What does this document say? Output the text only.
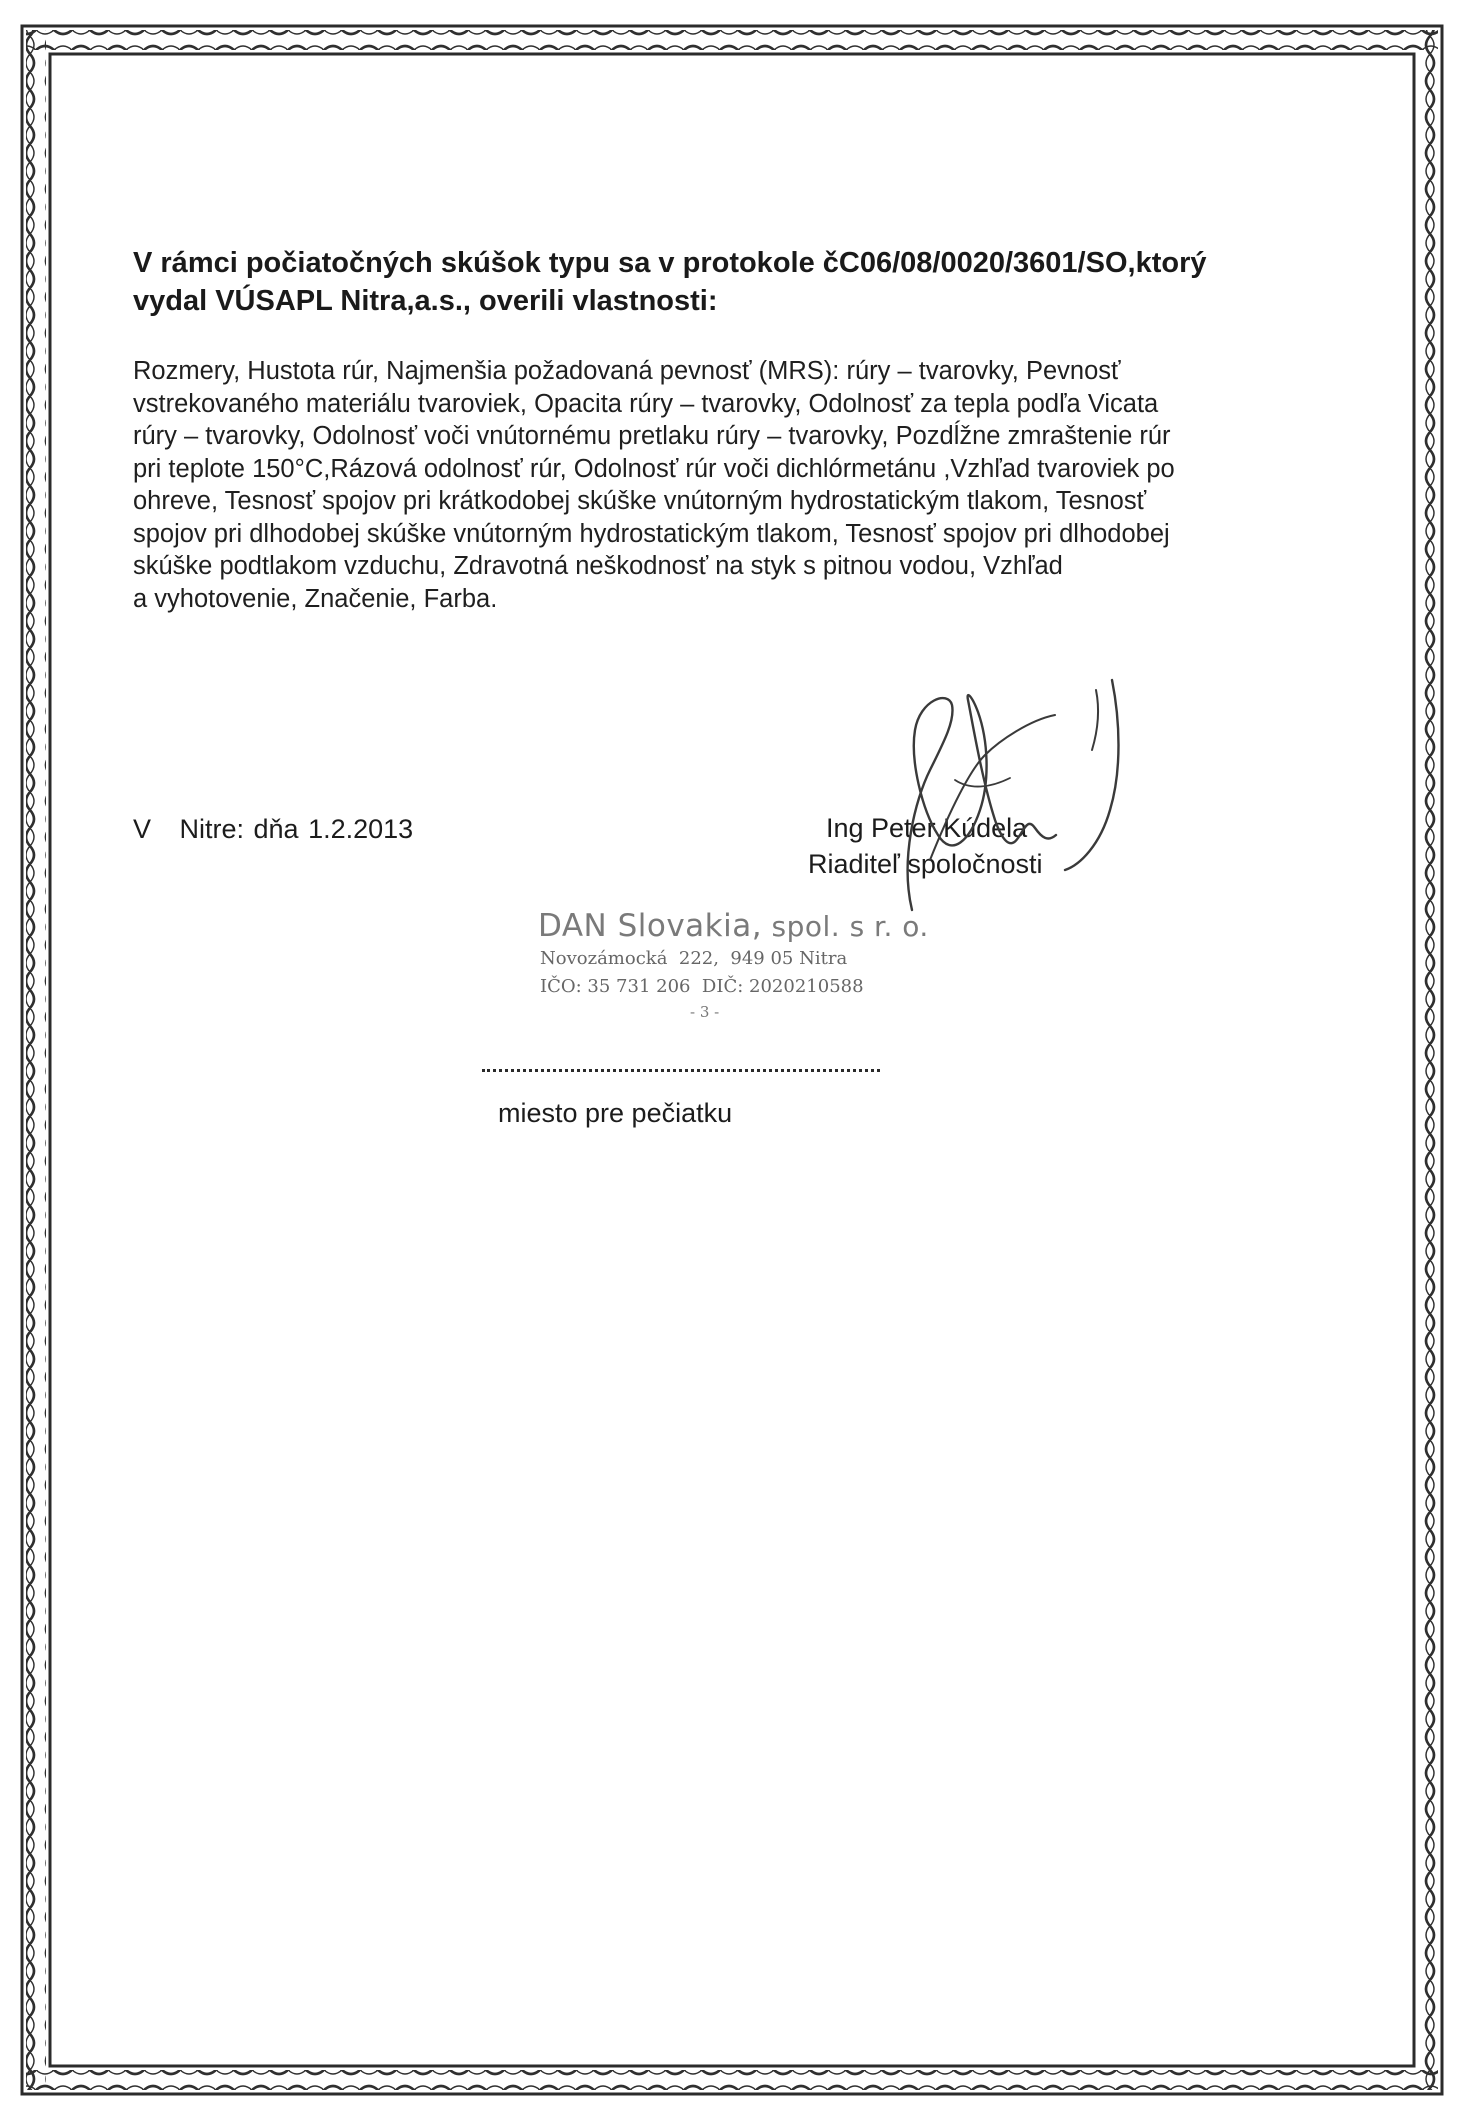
V rámci počiatočných skúšok typu sa v protokole čC06/08/0020/3601/SO,ktorý
vydal VÚSAPL Nitra,a.s., overili vlastnosti:

Rozmery, Hustota rúr, Najmenšia požadovaná pevnosť (MRS): rúry – tvarovky, Pevnosť
vstrekovaného materiálu tvaroviek, Opacita rúry – tvarovky, Odolnosť za tepla podľa Vicata
rúry – tvarovky, Odolnosť voči vnútornému pretlaku rúry – tvarovky, Pozdĺžne zmraštenie rúr
pri teplote 150°C,Rázová odolnosť rúr, Odolnosť rúr voči dichlórmetánu ,Vzhľad tvaroviek po
ohreve, Tesnosť spojov pri krátkodobej skúške vnútorným hydrostatickým tlakom, Tesnosť
spojov pri dlhodobej skúške vnútorným hydrostatickým tlakom, Tesnosť spojov pri dlhodobej
skúške podtlakom vzduchu, Zdravotná neškodnosť na styk s pitnou vodou, Vzhľad
a vyhotovenie, Značenie, Farba.

V   Nitre: dňa 1.2.2013	Ing Peter Kúdela
Riaditeľ spoločnosti
DAN Slovakia, spol. s r. o.
Novozámocká  222,  949 05 Nitra
IČO: 35 731 206  DIČ: 2020210588
- 3 -
miesto pre pečiatku
